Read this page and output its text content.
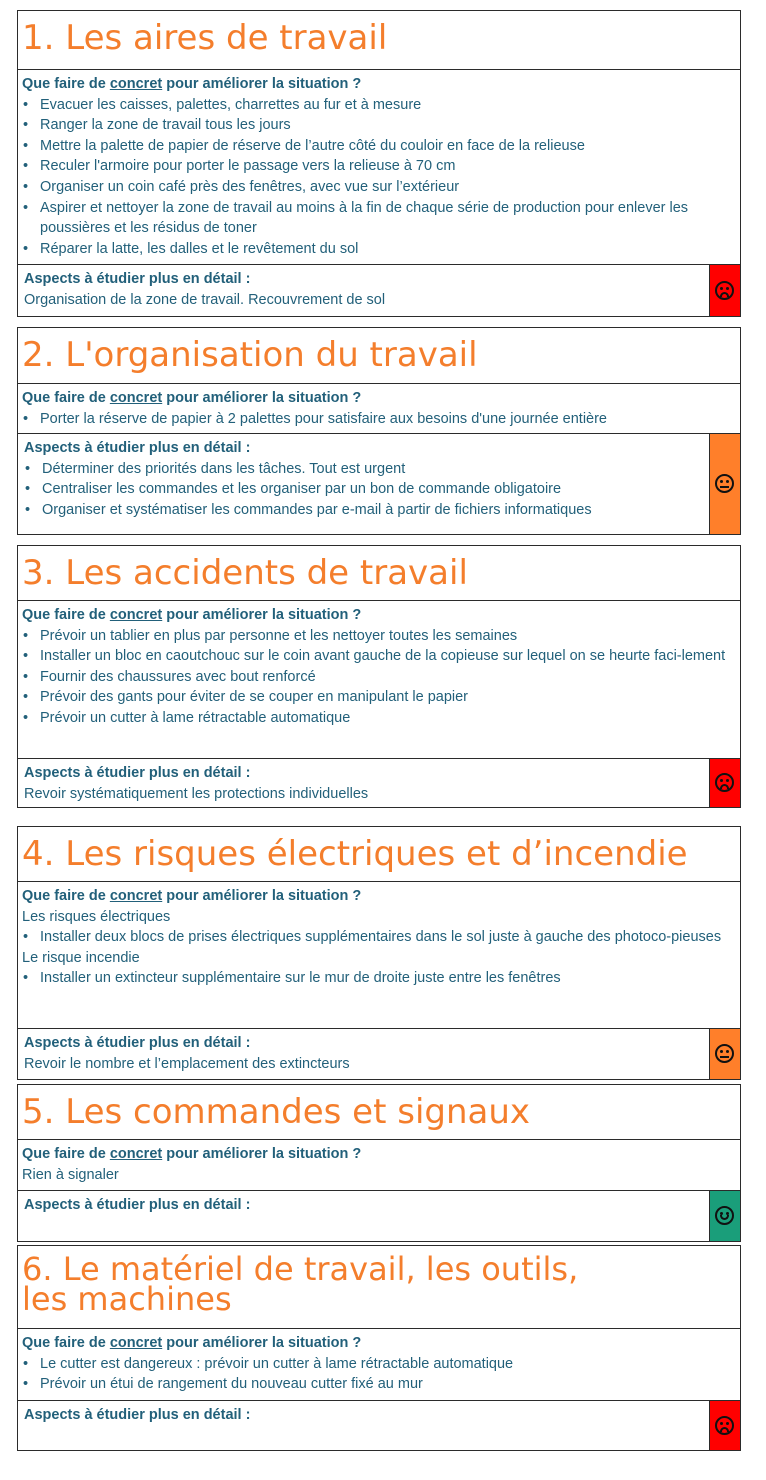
1. Les aires de travail
Que faire de concret pour améliorer la situation ?
• Evacuer les caisses, palettes, charrettes au fur et à mesure
• Ranger la zone de travail tous les jours
• Mettre la palette de papier de réserve de l’autre côté du couloir en face de la relieuse
• Reculer l'armoire pour porter le passage vers la relieuse à 70 cm
• Organiser un coin café près des fenêtres, avec vue sur l’extérieur
• Aspirer et nettoyer la zone de travail au moins à la fin de chaque série de production pour enlever les poussières et les résidus de toner
• Réparer la latte, les dalles et le revêtement du sol
Aspects à étudier plus en détail :
Organisation de la zone de travail. Recouvrement de sol
2. L'organisation du travail
Que faire de concret pour améliorer la situation ?
• Porter la réserve de papier à 2 palettes pour satisfaire aux besoins d'une journée entière
Aspects à étudier plus en détail :
• Déterminer des priorités dans les tâches. Tout est urgent
• Centraliser les commandes et les organiser par un bon de commande obligatoire
• Organiser et systématiser les commandes par e-mail à partir de fichiers informatiques
3. Les accidents de travail
Que faire de concret pour améliorer la situation ?
• Prévoir un tablier en plus par personne et les nettoyer toutes les semaines
• Installer un bloc en caoutchouc sur le coin avant gauche de la copieuse sur lequel on se heurte faci-lement
• Fournir des chaussures avec bout renforcé
• Prévoir des gants pour éviter de se couper en manipulant le papier
• Prévoir un cutter à lame rétractable automatique
Aspects à étudier plus en détail :
Revoir systématiquement les protections individuelles
4. Les risques électriques et d’incendie
Que faire de concret pour améliorer la situation ?
Les risques électriques
• Installer deux blocs de prises électriques supplémentaires dans le sol juste à gauche des photoco-pieuses
Le risque incendie
• Installer un extincteur supplémentaire sur le mur de droite juste entre les fenêtres
Aspects à étudier plus en détail :
Revoir le nombre et l’emplacement des extincteurs
5. Les commandes et signaux
Que faire de concret pour améliorer la situation ?
Rien à signaler
Aspects à étudier plus en détail :
6. Le matériel de travail, les outils,
les machines
Que faire de concret pour améliorer la situation ?
• Le cutter est dangereux : prévoir un cutter à lame rétractable automatique
• Prévoir un étui de rangement du nouveau cutter fixé au mur
Aspects à étudier plus en détail :
